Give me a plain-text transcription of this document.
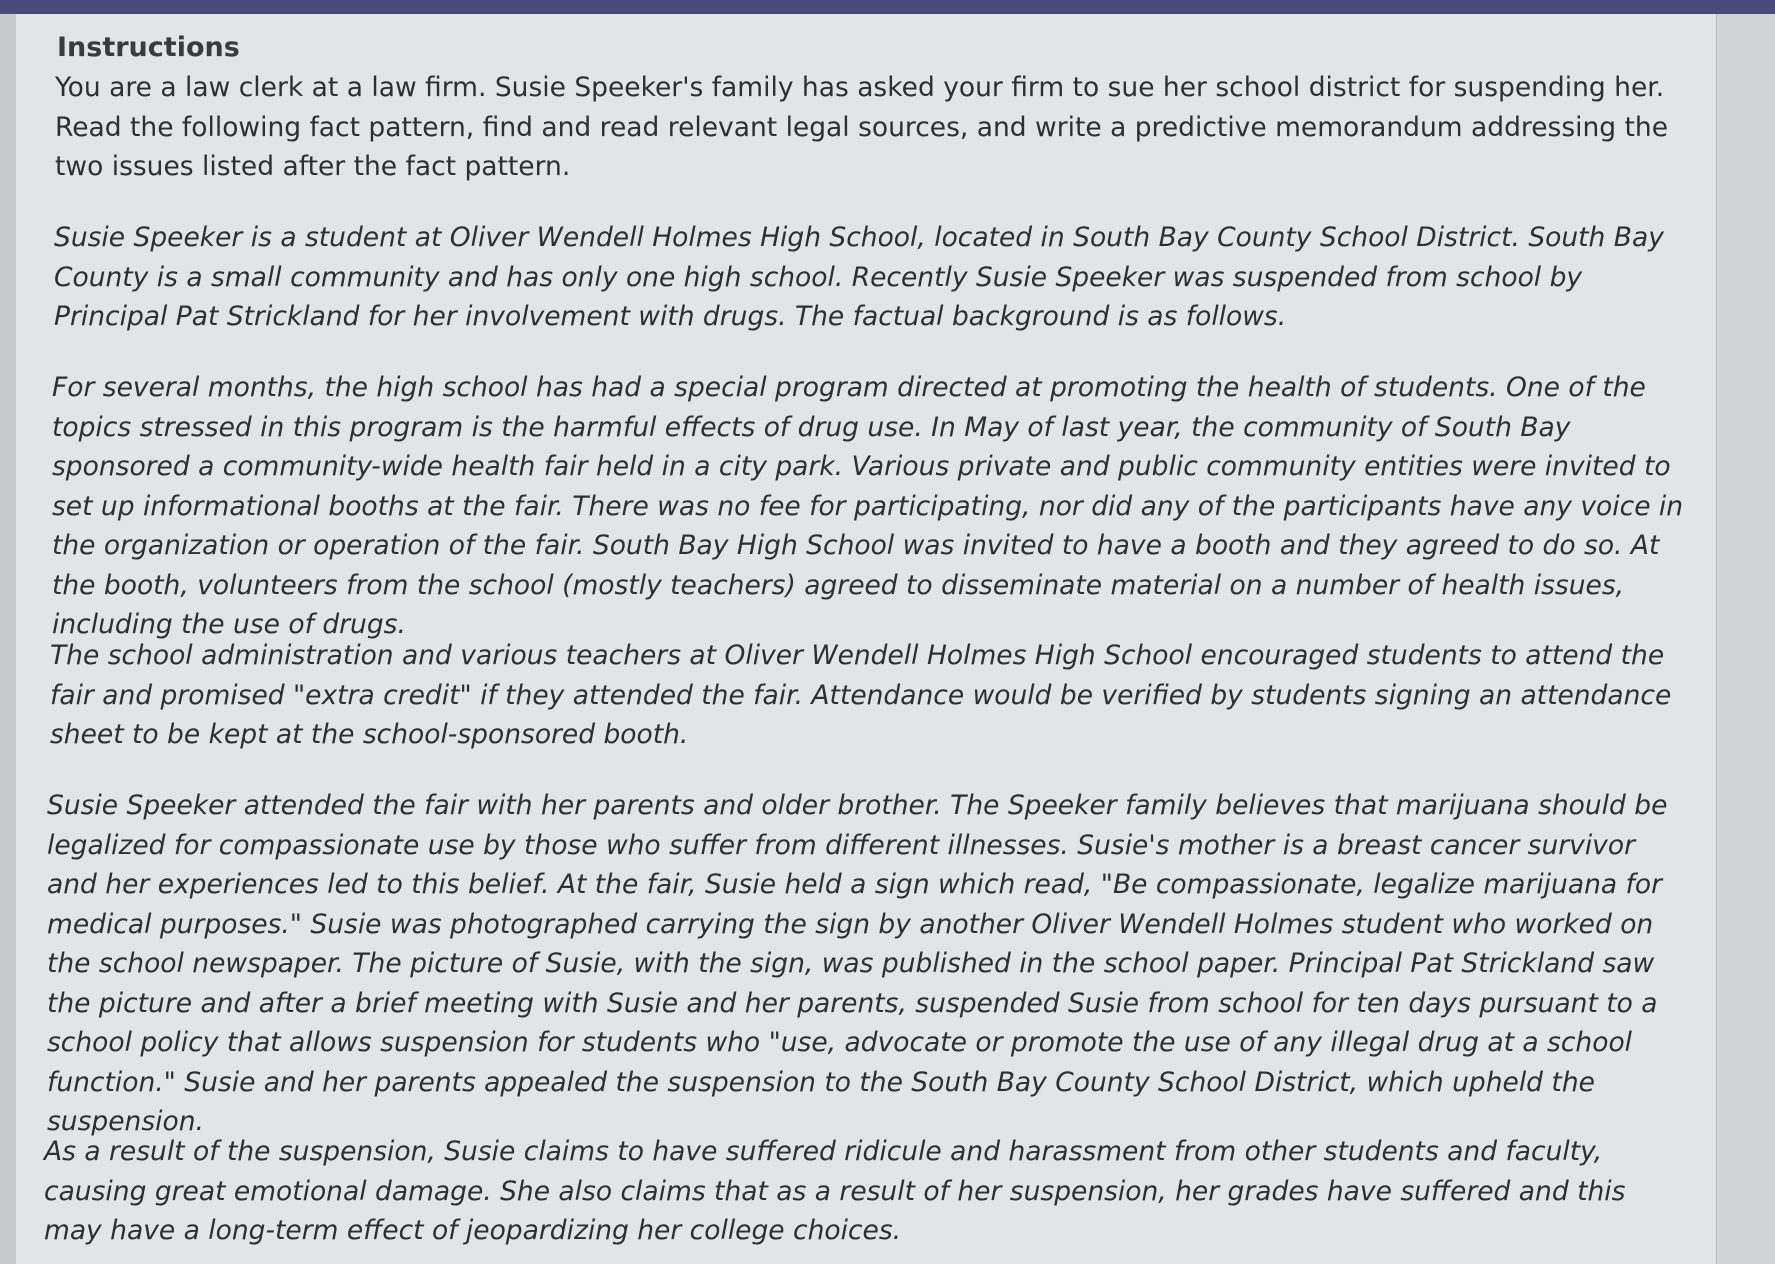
Instructions

You are a law clerk at a law firm. Susie Speeker's family has asked your firm to sue her school district for suspending her. Read the following fact pattern, find and read relevant legal sources, and write a predictive memorandum addressing the two issues listed after the fact pattern.

Susie Speeker is a student at Oliver Wendell Holmes High School, located in South Bay County School District. South Bay County is a small community and has only one high school. Recently Susie Speeker was suspended from school by Principal Pat Strickland for her involvement with drugs. The factual background is as follows.

For several months, the high school has had a special program directed at promoting the health of students. One of the topics stressed in this program is the harmful effects of drug use. In May of last year, the community of South Bay sponsored a community-wide health fair held in a city park. Various private and public community entities were invited to set up informational booths at the fair. There was no fee for participating, nor did any of the participants have any voice in the organization or operation of the fair. South Bay High School was invited to have a booth and they agreed to do so. At the booth, volunteers from the school (mostly teachers) agreed to disseminate material on a number of health issues, including the use of drugs.

The school administration and various teachers at Oliver Wendell Holmes High School encouraged students to attend the fair and promised "extra credit" if they attended the fair. Attendance would be verified by students signing an attendance sheet to be kept at the school-sponsored booth.

Susie Speeker attended the fair with her parents and older brother. The Speeker family believes that marijuana should be legalized for compassionate use by those who suffer from different illnesses. Susie's mother is a breast cancer survivor and her experiences led to this belief. At the fair, Susie held a sign which read, "Be compassionate, legalize marijuana for medical purposes." Susie was photographed carrying the sign by another Oliver Wendell Holmes student who worked on the school newspaper. The picture of Susie, with the sign, was published in the school paper. Principal Pat Strickland saw the picture and after a brief meeting with Susie and her parents, suspended Susie from school for ten days pursuant to a school policy that allows suspension for students who "use, advocate or promote the use of any illegal drug at a school function." Susie and her parents appealed the suspension to the South Bay County School District, which upheld the suspension.

As a result of the suspension, Susie claims to have suffered ridicule and harassment from other students and faculty, causing great emotional damage. She also claims that as a result of her suspension, her grades have suffered and this may have a long-term effect of jeopardizing her college choices.
